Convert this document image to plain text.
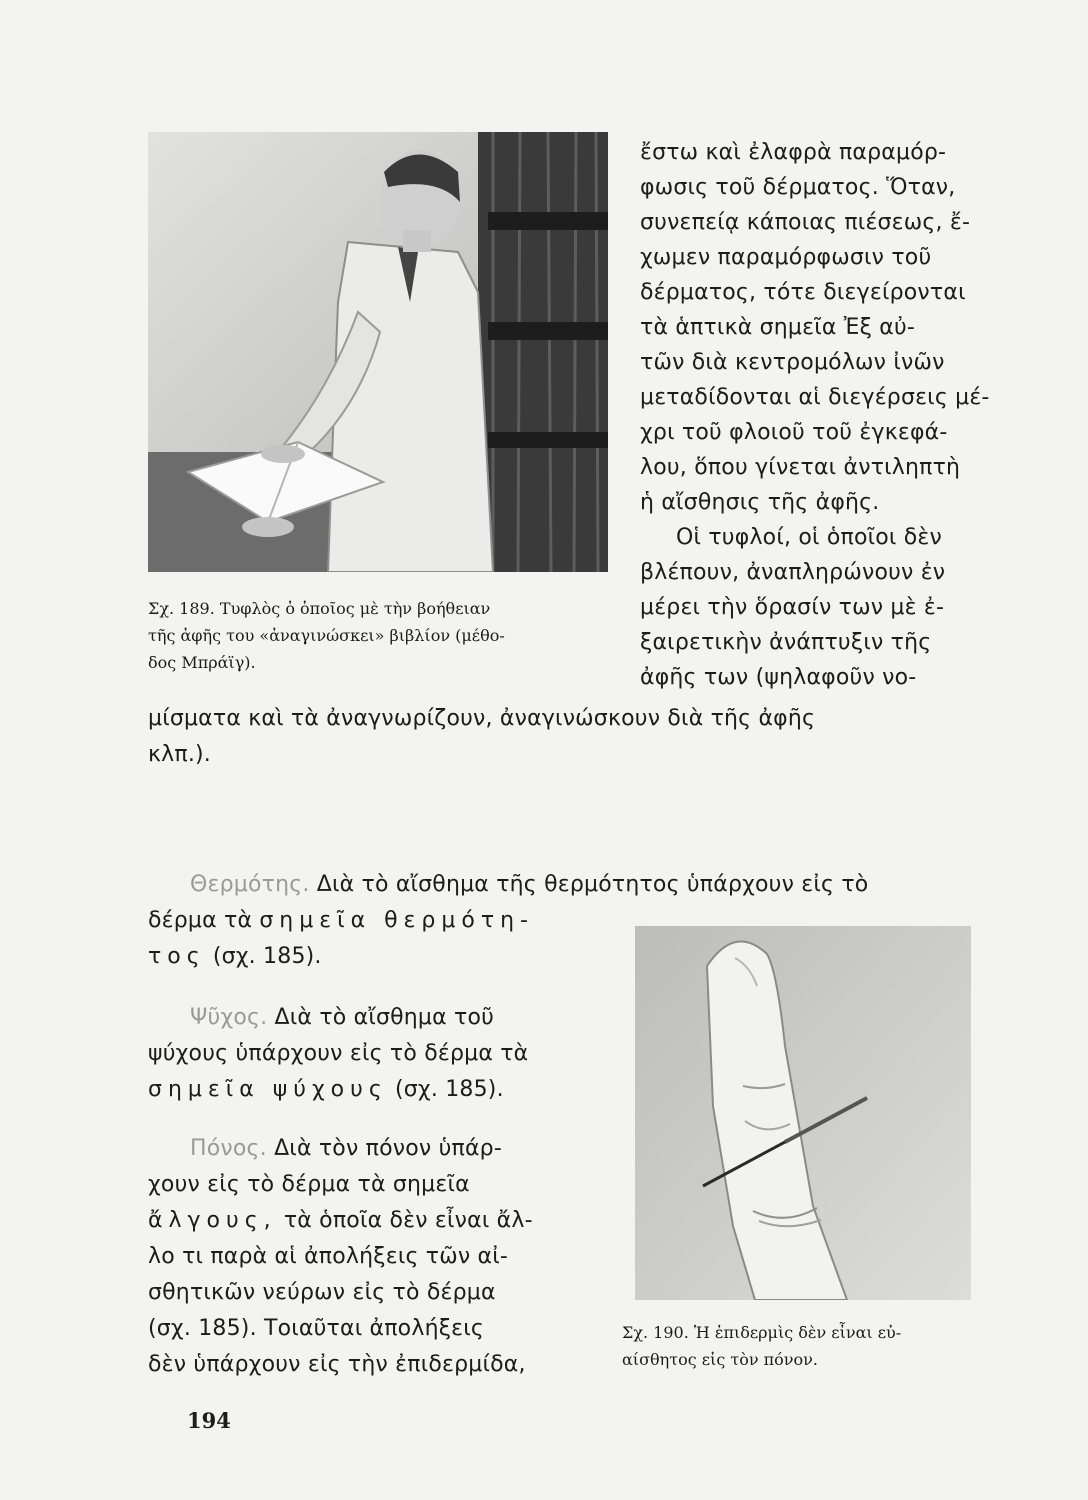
ἔστω καὶ ἐλαφρὰ παραμόρ-
φωσις τοῦ δέρματος. Ὅταν,
συνεπείᾳ κάποιας πιέσεως, ἔ-
χωμεν παραμόρφωσιν τοῦ
δέρματος, τότε διεγείρονται
τὰ ἁπτικὰ σημεῖα Ἐξ αὐ-
τῶν διὰ κεντρομόλων ἰνῶν
μεταδίδονται αἱ διεγέρσεις μέ-
χρι τοῦ φλοιοῦ τοῦ ἐγκεφά-
λου, ὅπου γίνεται ἀντιληπτὴ
ἡ αἴσθησις τῆς ἀφῆς.
Οἱ τυφλοί, οἱ ὁποῖοι δὲν
βλέπουν, ἀναπληρώνουν ἐν
μέρει τὴν ὅρασίν των μὲ ἐ-
ξαιρετικὴν ἀνάπτυξιν τῆς
ἀφῆς των (ψηλαφοῦν νο-
Σχ. 189. Τυφλὸς ὁ ὁποῖος μὲ τὴν βοήθειαν
τῆς ἀφῆς του «ἀναγινώσκει» βιβλίον (μέθο-
δος Μπράϊγ).
μίσματα καὶ τὰ ἀναγνωρίζουν, ἀναγινώσκουν διὰ τῆς ἀφῆς
κλπ.).
Θερμότης. Διὰ τὸ αἴσθημα τῆς θερμότητος ὑπάρχουν εἰς τὸ
δέρμα τὰ σημεῖα θερμότη-
τος (σχ. 185).
Ψῦχος. Διὰ τὸ αἴσθημα τοῦ
ψύχους ὑπάρχουν εἰς τὸ δέρμα τὰ
σημεῖα ψύχους (σχ. 185).
Πόνος. Διὰ τὸν πόνον ὑπάρ-
χουν εἰς τὸ δέρμα τὰ σημεῖα
ἄλγους, τὰ ὁποῖα δὲν εἶναι ἄλ-
λο τι παρὰ αἱ ἀπολήξεις τῶν αἰ-
σθητικῶν νεύρων εἰς τὸ δέρμα
(σχ. 185). Τοιαῦται ἀπολήξεις
δὲν ὑπάρχουν εἰς τὴν ἐπιδερμίδα,
Σχ. 190. Ἡ ἐπιδερμὶς δὲν εἶναι εὐ-
αίσθητος εἰς τὸν πόνον.
194
